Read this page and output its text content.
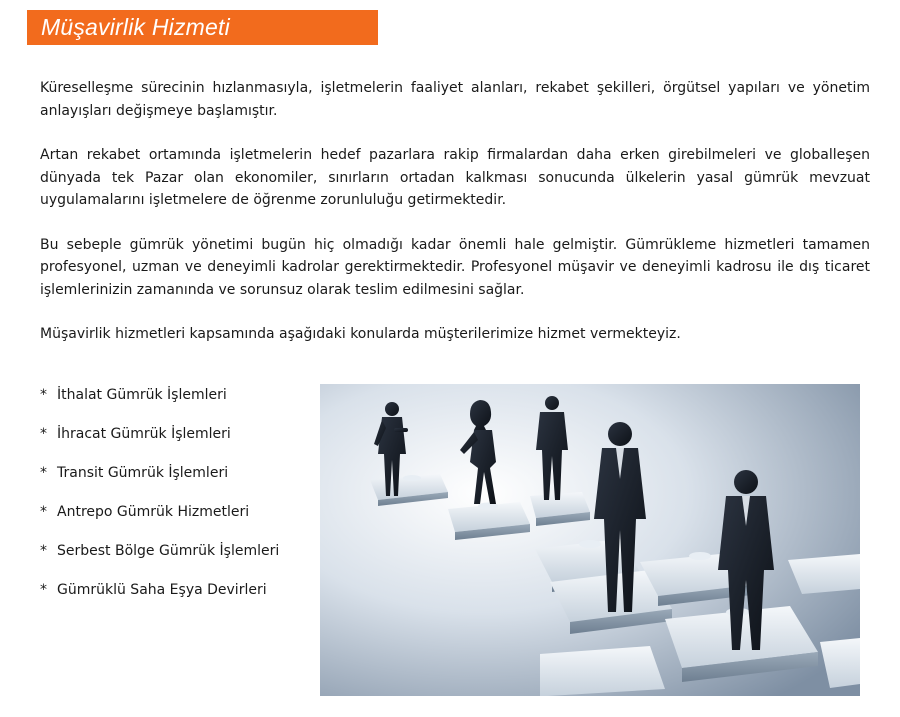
Müşavirlik Hizmeti

Küreselleşme sürecinin hızlanmasıyla, işletmelerin faaliyet alanları, rekabet şekilleri, örgütsel yapıları ve yönetim anlayışları değişmeye başlamıştır.

Artan rekabet ortamında işletmelerin hedef pazarlara rakip firmalardan daha erken girebilmeleri ve globalleşen dünyada tek Pazar olan ekonomiler, sınırların ortadan kalkması sonucunda ülkelerin yasal gümrük mevzuat uygulamalarını işletmelere de öğrenme zorunluluğu getirmektedir.

Bu sebeple gümrük yönetimi bugün hiç olmadığı kadar önemli hale gelmiştir. Gümrükleme hizmetleri tamamen profesyonel, uzman ve deneyimli kadrolar gerektirmektedir. Profesyonel müşavir ve deneyimli kadrosu ile dış ticaret işlemlerinizin zamanında ve sorunsuz olarak teslim edilmesini sağlar.

Müşavirlik hizmetleri kapsamında aşağıdaki konularda müşterilerimize hizmet vermekteyiz.

* İthalat Gümrük İşlemleri
* İhracat Gümrük İşlemleri
* Transit Gümrük İşlemleri
* Antrepo Gümrük Hizmetleri
* Serbest Bölge Gümrük İşlemleri
* Gümrüklü Saha Eşya Devirleri
